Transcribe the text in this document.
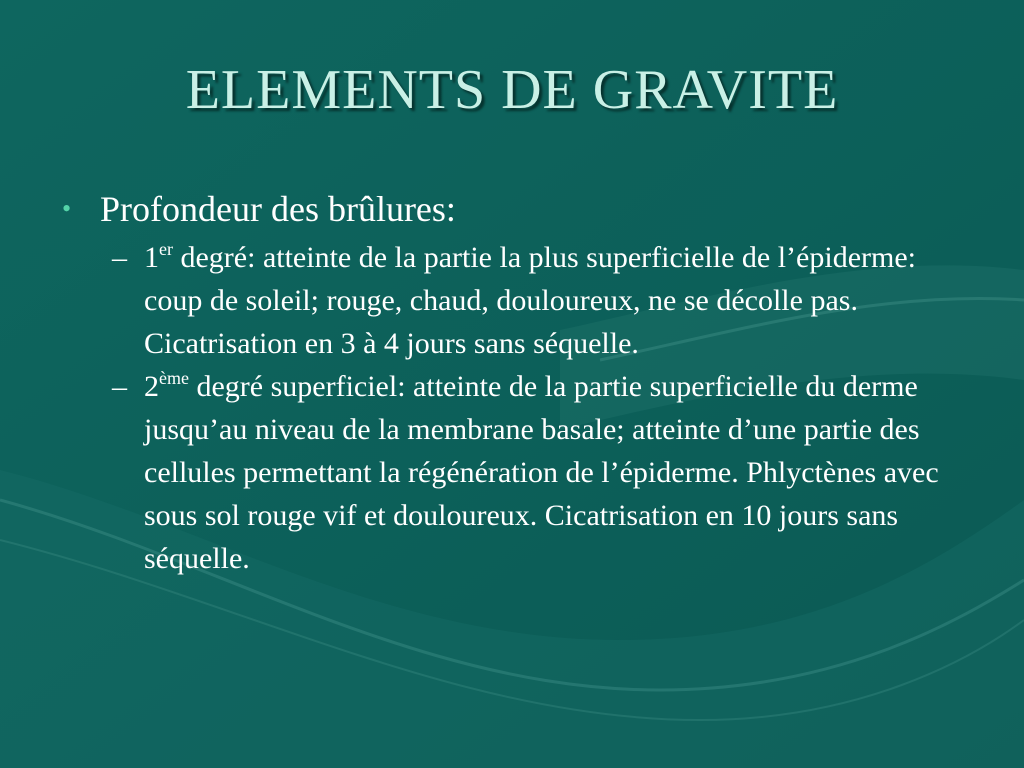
ELEMENTS DE GRAVITE
• Profondeur des brûlures:
– 1er degré: atteinte de la partie la plus superficielle de l’épiderme: coup de soleil; rouge, chaud, douloureux, ne se décolle pas. Cicatrisation en 3 à 4 jours sans séquelle.
– 2ème degré superficiel: atteinte de la partie superficielle du derme jusqu’au niveau de la membrane basale; atteinte d’une partie des cellules permettant la régénération de l’épiderme. Phlyctènes avec sous sol rouge vif et douloureux. Cicatrisation en 10 jours sans séquelle.
